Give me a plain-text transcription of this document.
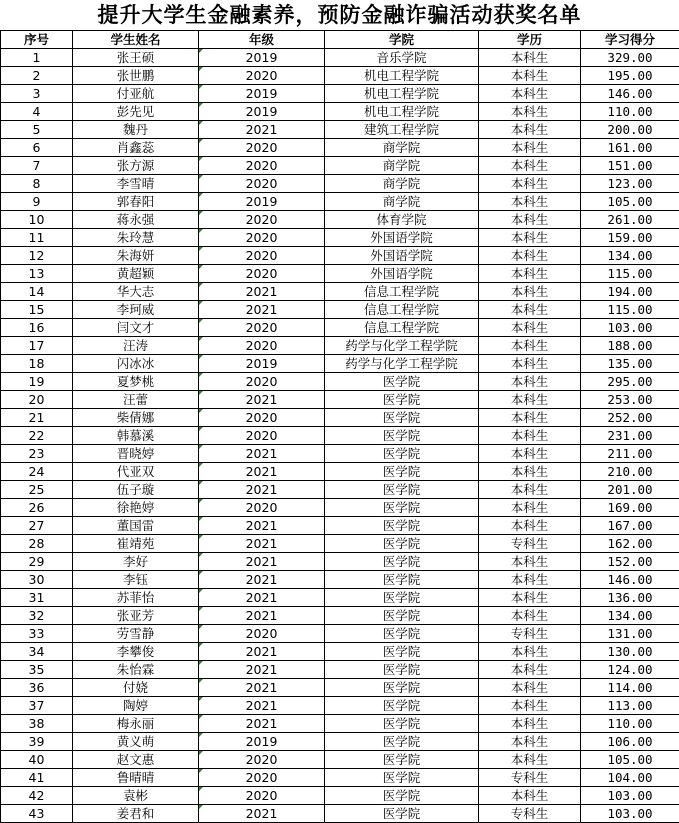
提升大学生金融素养，预防金融诈骗活动获奖名单
序号	学生姓名	年级	学院	学历	学习得分
1	张王硕	2019	音乐学院	本科生	329.00
2	张世鹏	2020	机电工程学院	本科生	195.00
3	付亚航	2019	机电工程学院	本科生	146.00
4	彭先见	2019	机电工程学院	本科生	110.00
5	魏丹	2021	建筑工程学院	本科生	200.00
6	肖鑫蕊	2020	商学院	本科生	161.00
7	张方源	2020	商学院	本科生	151.00
8	李雪晴	2020	商学院	本科生	123.00
9	郭春阳	2019	商学院	本科生	105.00
10	蒋永强	2020	体育学院	本科生	261.00
11	朱玲慧	2020	外国语学院	本科生	159.00
12	朱海妍	2020	外国语学院	本科生	134.00
13	黄超颖	2020	外国语学院	本科生	115.00
14	华大志	2021	信息工程学院	本科生	194.00
15	李珂威	2021	信息工程学院	本科生	115.00
16	闫文才	2020	信息工程学院	本科生	103.00
17	汪涛	2020	药学与化学工程学院	本科生	188.00
18	闪冰冰	2019	药学与化学工程学院	本科生	135.00
19	夏梦桃	2020	医学院	本科生	295.00
20	汪蕾	2021	医学院	本科生	253.00
21	柴倩娜	2020	医学院	本科生	252.00
22	韩慕溪	2020	医学院	本科生	231.00
23	晋晓婷	2021	医学院	本科生	211.00
24	代亚双	2021	医学院	本科生	210.00
25	伍子璇	2021	医学院	本科生	201.00
26	徐艳婷	2020	医学院	本科生	169.00
27	董国雷	2021	医学院	本科生	167.00
28	崔靖苑	2021	医学院	专科生	162.00
29	李好	2021	医学院	本科生	152.00
30	李钰	2021	医学院	本科生	146.00
31	苏菲怡	2021	医学院	本科生	136.00
32	张亚芳	2021	医学院	本科生	134.00
33	劳雪静	2020	医学院	专科生	131.00
34	李攀俊	2021	医学院	本科生	130.00
35	朱怡霖	2021	医学院	本科生	124.00
36	付娆	2021	医学院	本科生	114.00
37	陶婷	2021	医学院	本科生	113.00
38	梅永丽	2021	医学院	本科生	110.00
39	黄义萌	2019	医学院	本科生	106.00
40	赵文惠	2020	医学院	本科生	105.00
41	鲁晴晴	2020	医学院	专科生	104.00
42	袁彬	2020	医学院	本科生	103.00
43	姜君和	2021	医学院	专科生	103.00
